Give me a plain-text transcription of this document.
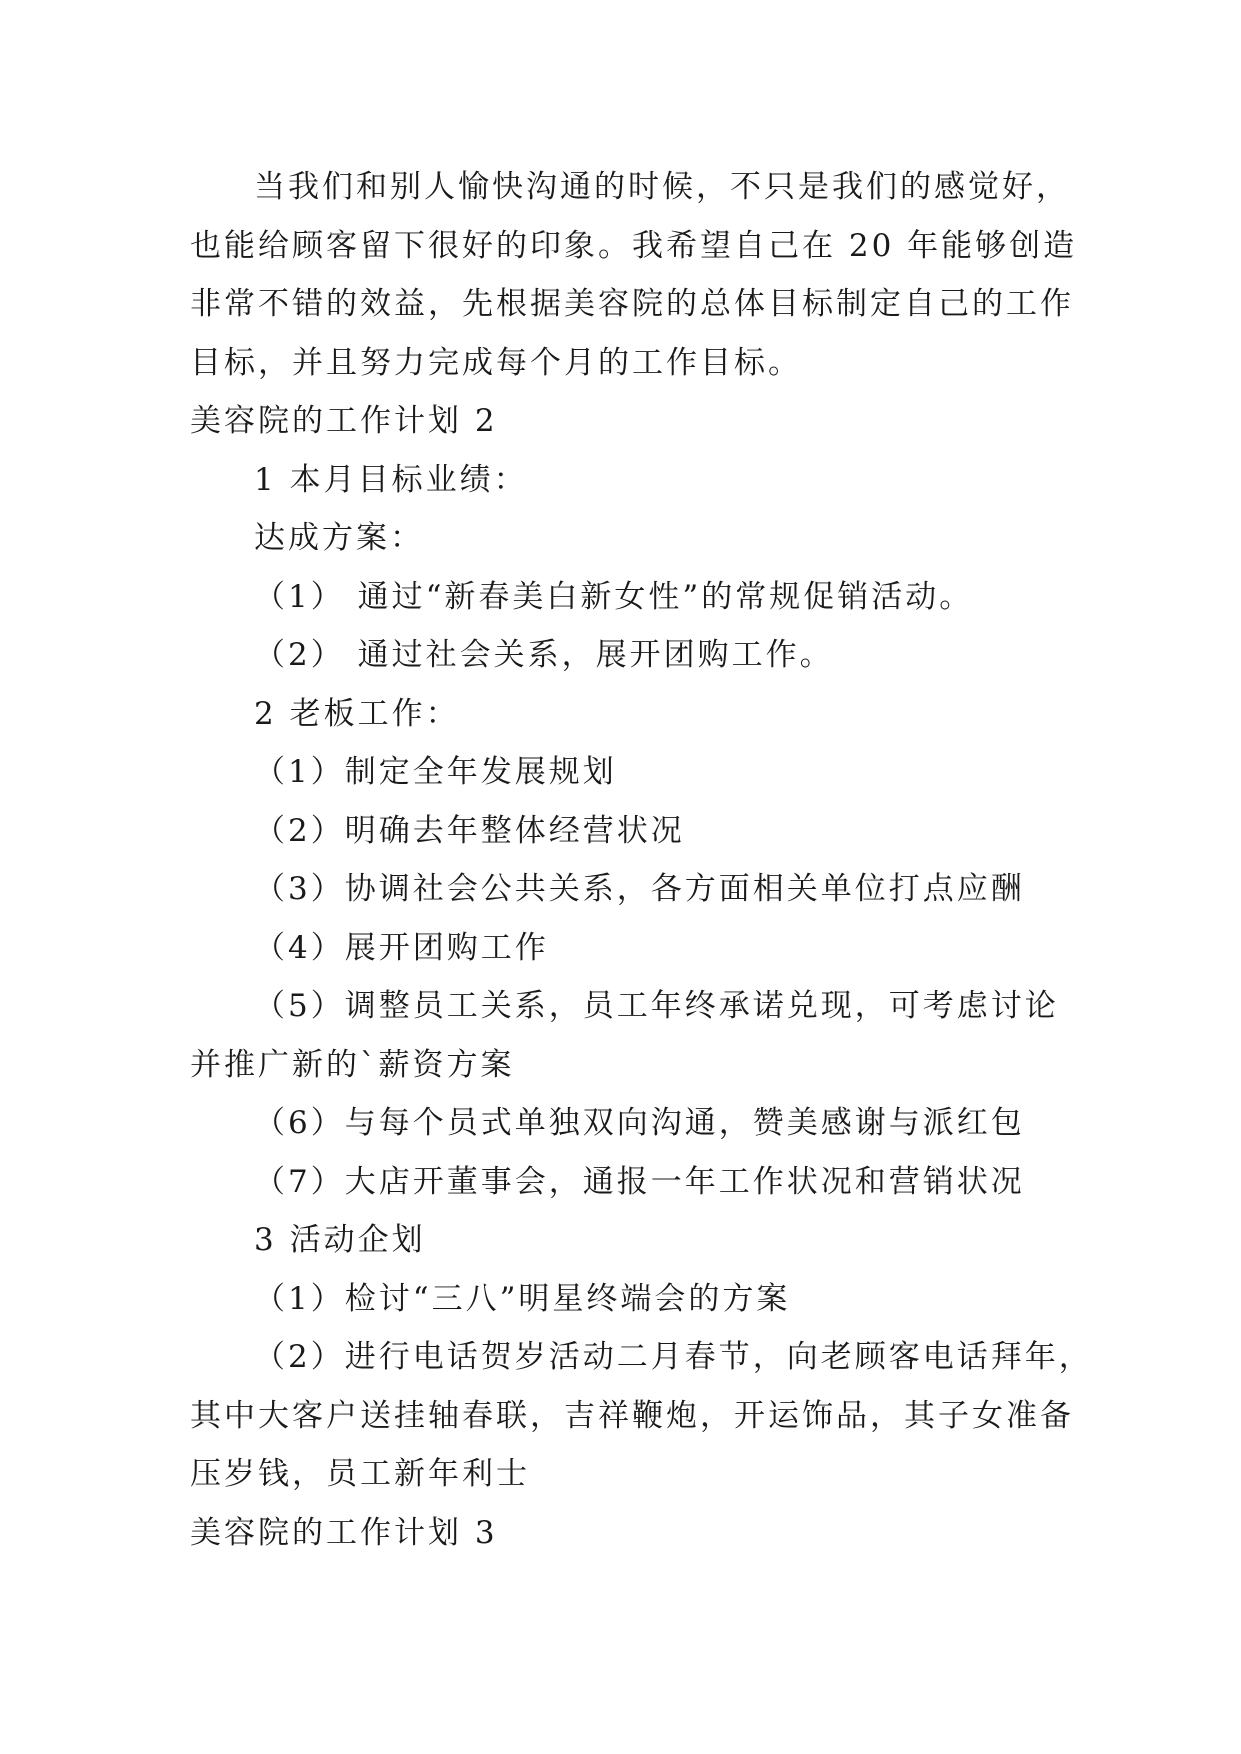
当我们和别人愉快沟通的时候，不只是我们的感觉好，
也能给顾客留下很好的印象。我希望自己在 20 年能够创造
非常不错的效益，先根据美容院的总体目标制定自己的工作
目标，并且努力完成每个月的工作目标。
美容院的工作计划 2
1 本月目标业绩：
达成方案：
（1） 通过“新春美白新女性”的常规促销活动。
（2） 通过社会关系，展开团购工作。
2 老板工作：
（1）制定全年发展规划
（2）明确去年整体经营状况
（3）协调社会公共关系，各方面相关单位打点应酬
（4）展开团购工作
（5）调整员工关系，员工年终承诺兑现，可考虑讨论
并推广新的`薪资方案
（6）与每个员式单独双向沟通，赞美感谢与派红包
（7）大店开董事会，通报一年工作状况和营销状况
3 活动企划
（1）检讨“三八”明星终端会的方案
（2）进行电话贺岁活动二月春节，向老顾客电话拜年，
其中大客户送挂轴春联，吉祥鞭炮，开运饰品，其子女准备
压岁钱，员工新年利士
美容院的工作计划 3
